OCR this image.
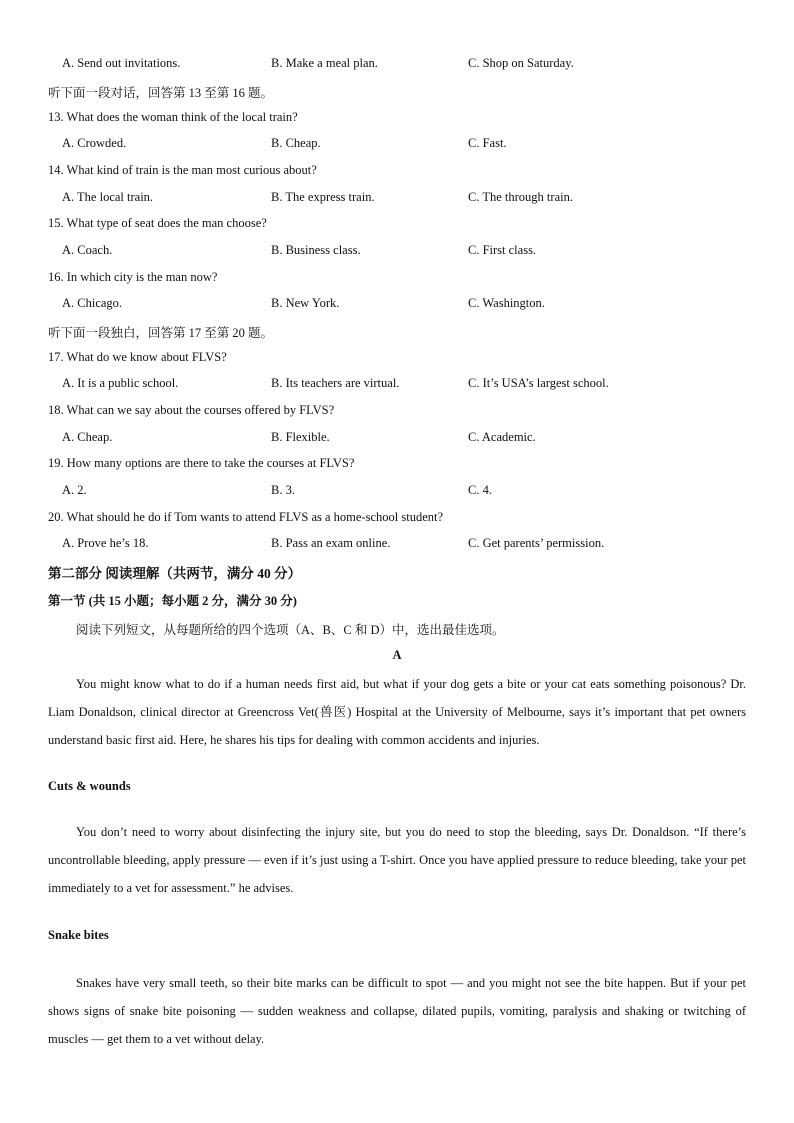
A. Send out invitations.	B. Make a meal plan.	C. Shop on Saturday.
听下面一段对话，回答第 13 至第 16 题。
13. What does the woman think of the local train?
A. Crowded.	B. Cheap.	C. Fast.
14. What kind of train is the man most curious about?
A. The local train.	B. The express train.	C. The through train.
15. What type of seat does the man choose?
A. Coach.	B. Business class.	C. First class.
16. In which city is the man now?
A. Chicago.	B. New York.	C. Washington.
听下面一段独白，回答第 17 至第 20 题。
17. What do we know about FLVS?
A. It is a public school.	B. Its teachers are virtual.	C. It’s USA’s largest school.
18. What can we say about the courses offered by FLVS?
A. Cheap.	B. Flexible.	C. Academic.
19. How many options are there to take the courses at FLVS?
A. 2.	B. 3.	C. 4.
20. What should he do if Tom wants to attend FLVS as a home-school student?
A. Prove he’s 18.	B. Pass an exam online.	C. Get parents’ permission.
第二部分 阅读理解（共两节，满分 40 分）
第一节 (共 15 小题；每小题 2 分，满分 30 分)
阅读下列短文，从每题所给的四个选项（A、B、C 和 D）中，选出最佳选项。
A

You might know what to do if a human needs first aid, but what if your dog gets a bite or your cat eats something poisonous? Dr. Liam Donaldson, clinical director at Greencross Vet(兽医) Hospital at the University of Melbourne, says it’s important that pet owners understand basic first aid. Here, he shares his tips for dealing with common accidents and injuries.

Cuts & wounds

You don’t need to worry about disinfecting the injury site, but you do need to stop the bleeding, says Dr. Donaldson. “If there’s uncontrollable bleeding, apply pressure — even if it’s just using a T-shirt. Once you have applied pressure to reduce bleeding, take your pet immediately to a vet for assessment.” he advises.

Snake bites

Snakes have very small teeth, so their bite marks can be difficult to spot — and you might not see the bite happen. But if your pet shows signs of snake bite poisoning — sudden weakness and collapse, dilated pupils, vomiting, paralysis and shaking or twitching of muscles — get them to a vet without delay.
